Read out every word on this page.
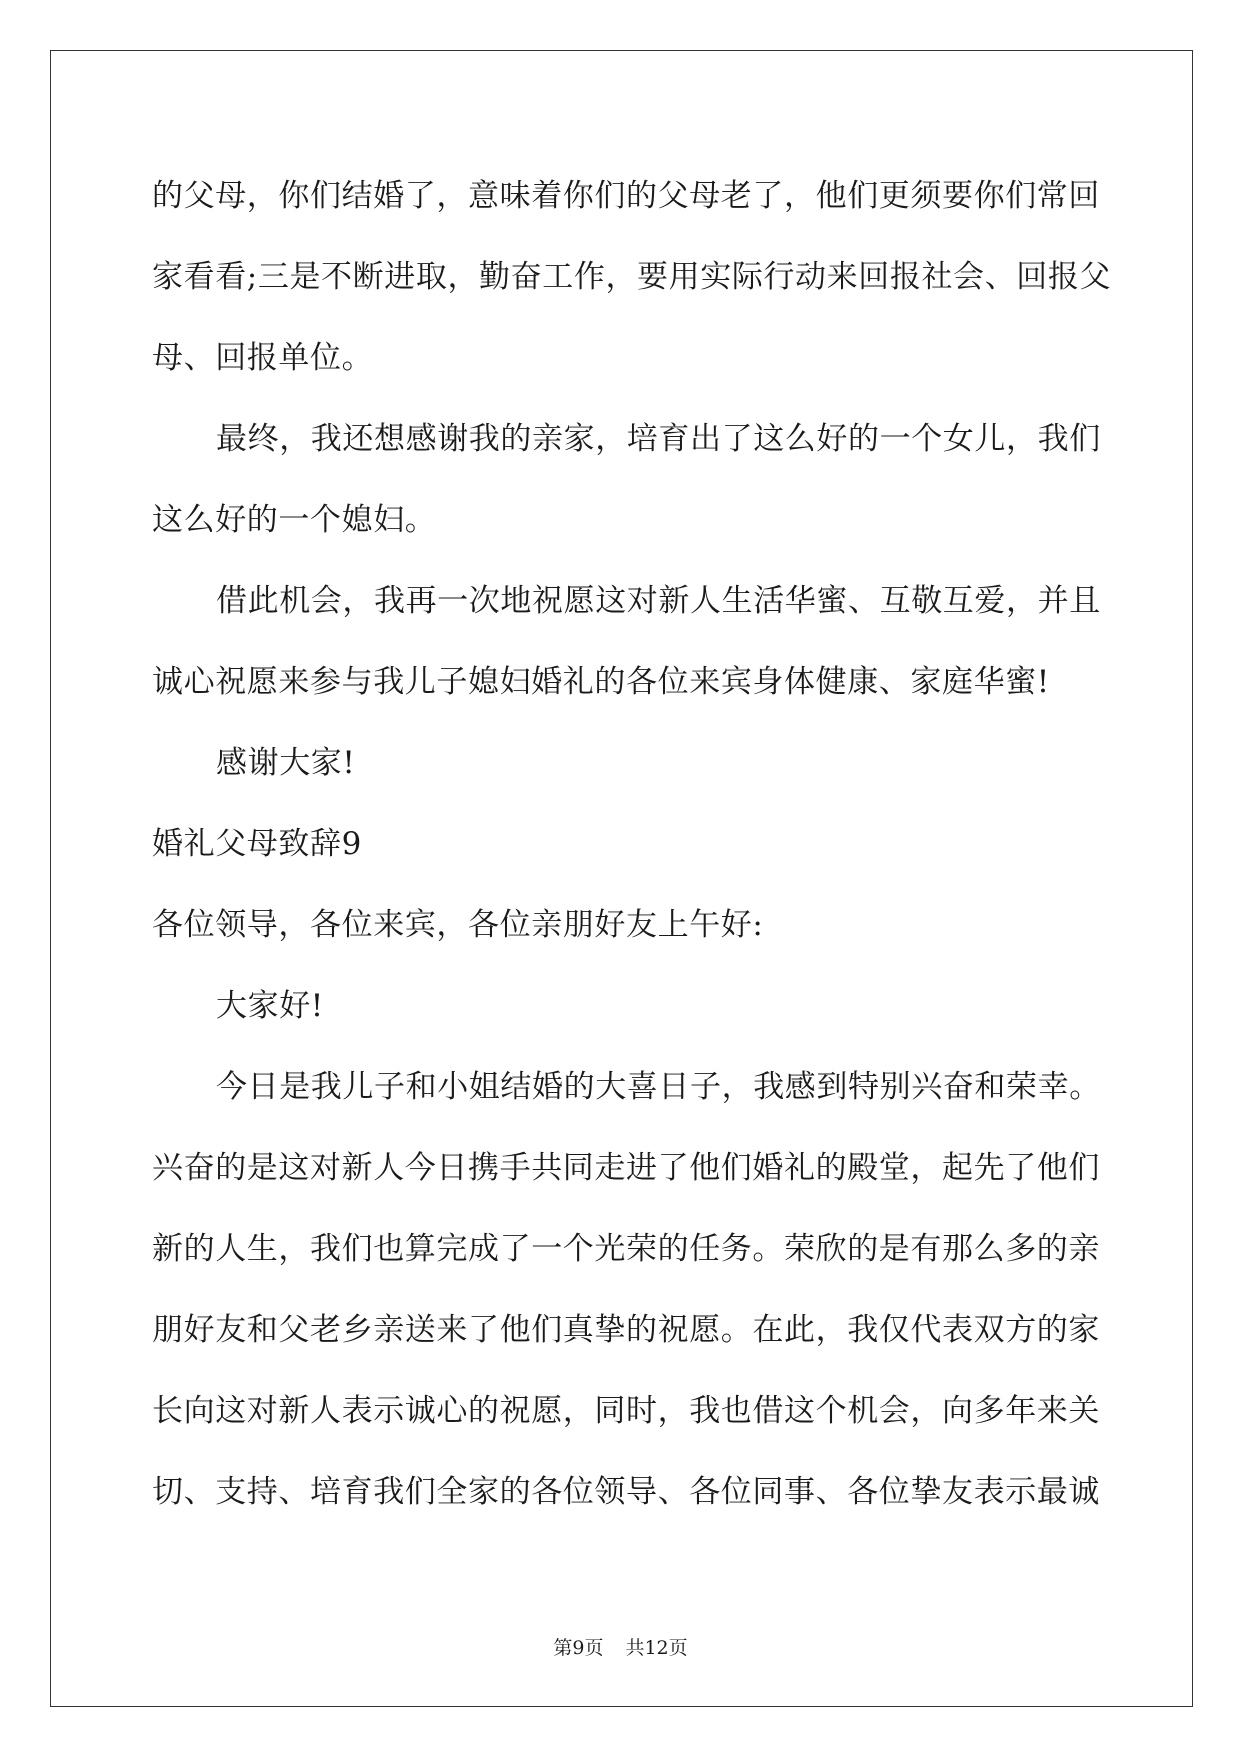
的父母，你们结婚了，意味着你们的父母老了，他们更须要你们常回
家看看;三是不断进取，勤奋工作，要用实际行动来回报社会、回报父
母、回报单位。
最终，我还想感谢我的亲家，培育出了这么好的一个女儿，我们
这么好的一个媳妇。
借此机会，我再一次地祝愿这对新人生活华蜜、互敬互爱，并且
诚心祝愿来参与我儿子媳妇婚礼的各位来宾身体健康、家庭华蜜!
感谢大家!
婚礼父母致辞9
各位领导，各位来宾，各位亲朋好友上午好:
大家好!
今日是我儿子和小姐结婚的大喜日子，我感到特别兴奋和荣幸。
兴奋的是这对新人今日携手共同走进了他们婚礼的殿堂，起先了他们
新的人生，我们也算完成了一个光荣的任务。荣欣的是有那么多的亲
朋好友和父老乡亲送来了他们真挚的祝愿。在此，我仅代表双方的家
长向这对新人表示诚心的祝愿，同时，我也借这个机会，向多年来关
切、支持、培育我们全家的各位领导、各位同事、各位挚友表示最诚
第9页 共12页
